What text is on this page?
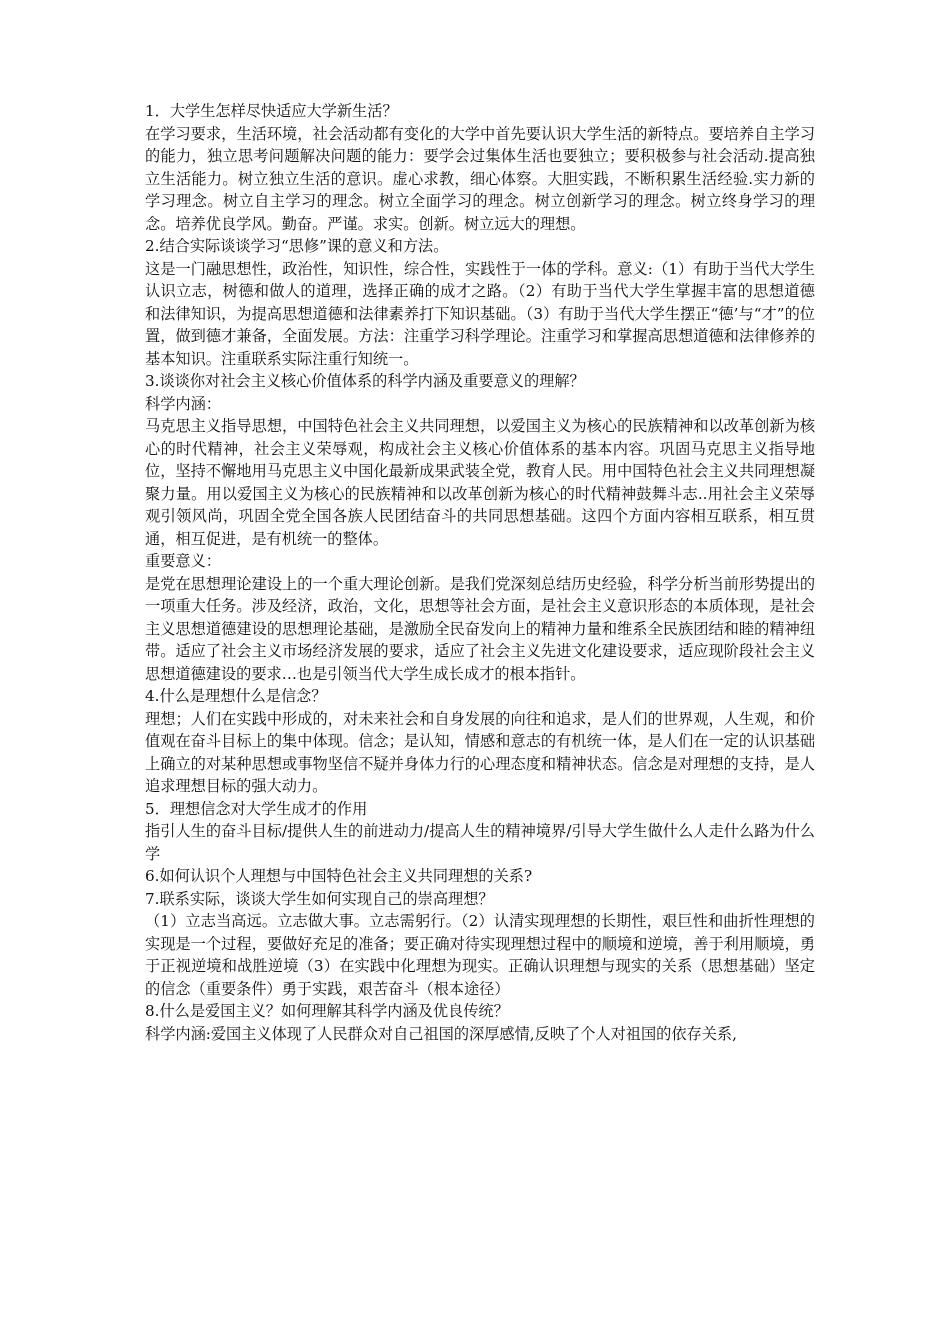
1．大学生怎样尽快适应大学新生活？

在学习要求，生活环境，社会活动都有变化的大学中首先要认识大学生活的新特点。要培养自主学习的能力，独立思考问题解决问题的能力：要学会过集体生活也要独立；要积极参与社会活动.提高独立生活能力。树立独立生活的意识。虚心求教，细心体察。大胆实践，不断积累生活经验.实力新的学习理念。树立自主学习的理念。树立全面学习的理念。树立创新学习的理念。树立终身学习的理念。培养优良学风。勤奋。严谨。求实。创新。树立远大的理想。

2.结合实际谈谈学习“思修”课的意义和方法。

这是一门融思想性，政治性，知识性，综合性，实践性于一体的学科。意义:（1）有助于当代大学生认识立志，树德和做人的道理，选择正确的成才之路。（2）有助于当代大学生掌握丰富的思想道德和法律知识，为提高思想道德和法律素养打下知识基础。（3）有助于当代大学生摆正“德’与“才”的位置，做到德才兼备，全面发展。方法：注重学习科学理论。注重学习和掌握高思想道德和法律修养的基本知识。注重联系实际注重行知统一。

3.谈谈你对社会主义核心价值体系的科学内涵及重要意义的理解？

科学内涵：

马克思主义指导思想，中国特色社会主义共同理想，以爱国主义为核心的民族精神和以改革创新为核心的时代精神，社会主义荣辱观，构成社会主义核心价值体系的基本内容。巩固马克思主义指导地位，坚持不懈地用马克思主义中国化最新成果武装全党，教育人民。用中国特色社会主义共同理想凝聚力量。用以爱国主义为核心的民族精神和以改革创新为核心的时代精神鼓舞斗志..用社会主义荣辱观引领风尚，巩固全党全国各族人民团结奋斗的共同思想基础。这四个方面内容相互联系，相互贯通，相互促进，是有机统一的整体。

重要意义：

是党在思想理论建设上的一个重大理论创新。是我们党深刻总结历史经验，科学分析当前形势提出的一项重大任务。涉及经济，政治，文化，思想等社会方面，是社会主义意识形态的本质体现，是社会主义思想道德建设的思想理论基础，是激励全民奋发向上的精神力量和维系全民族团结和睦的精神纽带。适应了社会主义市场经济发展的要求，适应了社会主义先进文化建设要求，适应现阶段社会主义思想道德建设的要求…也是引领当代大学生成长成才的根本指针。

4.什么是理想什么是信念？

理想；人们在实践中形成的，对未来社会和自身发展的向往和追求，是人们的世界观，人生观，和价值观在奋斗目标上的集中体现。信念；是认知，情感和意志的有机统一体，是人们在一定的认识基础上确立的对某种思想或事物坚信不疑并身体力行的心理态度和精神状态。信念是对理想的支持，是人追求理想目标的强大动力。

5．理想信念对大学生成才的作用

指引人生的奋斗目标/提供人生的前进动力/提高人生的精神境界/引导大学生做什么人走什么路为什么学

6.如何认识个人理想与中国特色社会主义共同理想的关系?

7.联系实际，谈谈大学生如何实现自己的崇高理想？

（1）立志当高远。立志做大事。立志需躬行。（2）认清实现理想的长期性，艰巨性和曲折性理想的实现是一个过程，要做好充足的准备；要正确对待实现理想过程中的顺境和逆境，善于利用顺境，勇于正视逆境和战胜逆境（3）在实践中化理想为现实。正确认识理想与现实的关系（思想基础）坚定的信念（重要条件）勇于实践，艰苦奋斗（根本途径）

8.什么是爱国主义？如何理解其科学内涵及优良传统？

科学内涵:爱国主义体现了人民群众对自己祖国的深厚感情,反映了个人对祖国的依存关系,
